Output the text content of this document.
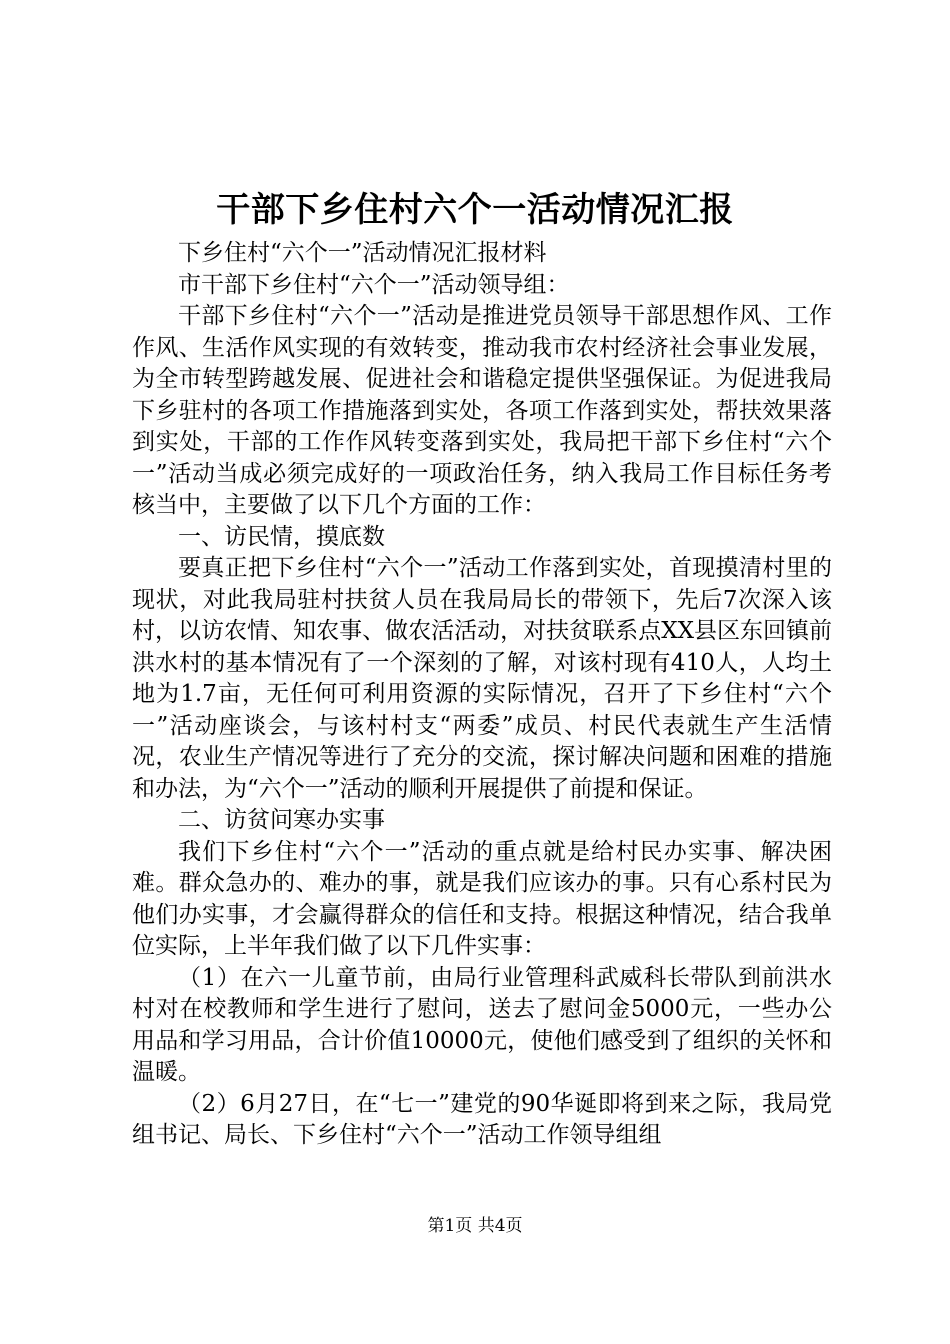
干部下乡住村六个一活动情况汇报

下乡住村“六个一”活动情况汇报材料

市干部下乡住村“六个一”活动领导组：

干部下乡住村“六个一”活动是推进党员领导干部思想作风、工作作风、生活作风实现的有效转变，推动我市农村经济社会事业发展，为全市转型跨越发展、促进社会和谐稳定提供坚强保证。为促进我局下乡驻村的各项工作措施落到实处，各项工作落到实处，帮扶效果落到实处，干部的工作作风转变落到实处，我局把干部下乡住村“六个一”活动当成必须完成好的一项政治任务，纳入我局工作目标任务考核当中，主要做了以下几个方面的工作：

一、访民情，摸底数

要真正把下乡住村“六个一”活动工作落到实处，首现摸清村里的现状，对此我局驻村扶贫人员在我局局长的带领下，先后7次深入该村，以访农情、知农事、做农活活动，对扶贫联系点XX县区东回镇前洪水村的基本情况有了一个深刻的了解，对该村现有410人，人均土地为1.7亩，无任何可利用资源的实际情况，召开了下乡住村“六个一”活动座谈会，与该村村支“两委”成员、村民代表就生产生活情况，农业生产情况等进行了充分的交流，探讨解决问题和困难的措施和办法，为“六个一”活动的顺利开展提供了前提和保证。

二、访贫问寒办实事

我们下乡住村“六个一”活动的重点就是给村民办实事、解决困难。群众急办的、难办的事，就是我们应该办的事。只有心系村民为他们办实事，才会赢得群众的信任和支持。根据这种情况，结合我单位实际，上半年我们做了以下几件实事：

（1）在六一儿童节前，由局行业管理科武威科长带队到前洪水村对在校教师和学生进行了慰问，送去了慰问金5000元，一些办公用品和学习用品，合计价值10000元，使他们感受到了组织的关怀和温暖。

（2）6月27日，在“七一”建党的90华诞即将到来之际，我局党组书记、局长、下乡住村“六个一”活动工作领导组组

第1页 共4页
